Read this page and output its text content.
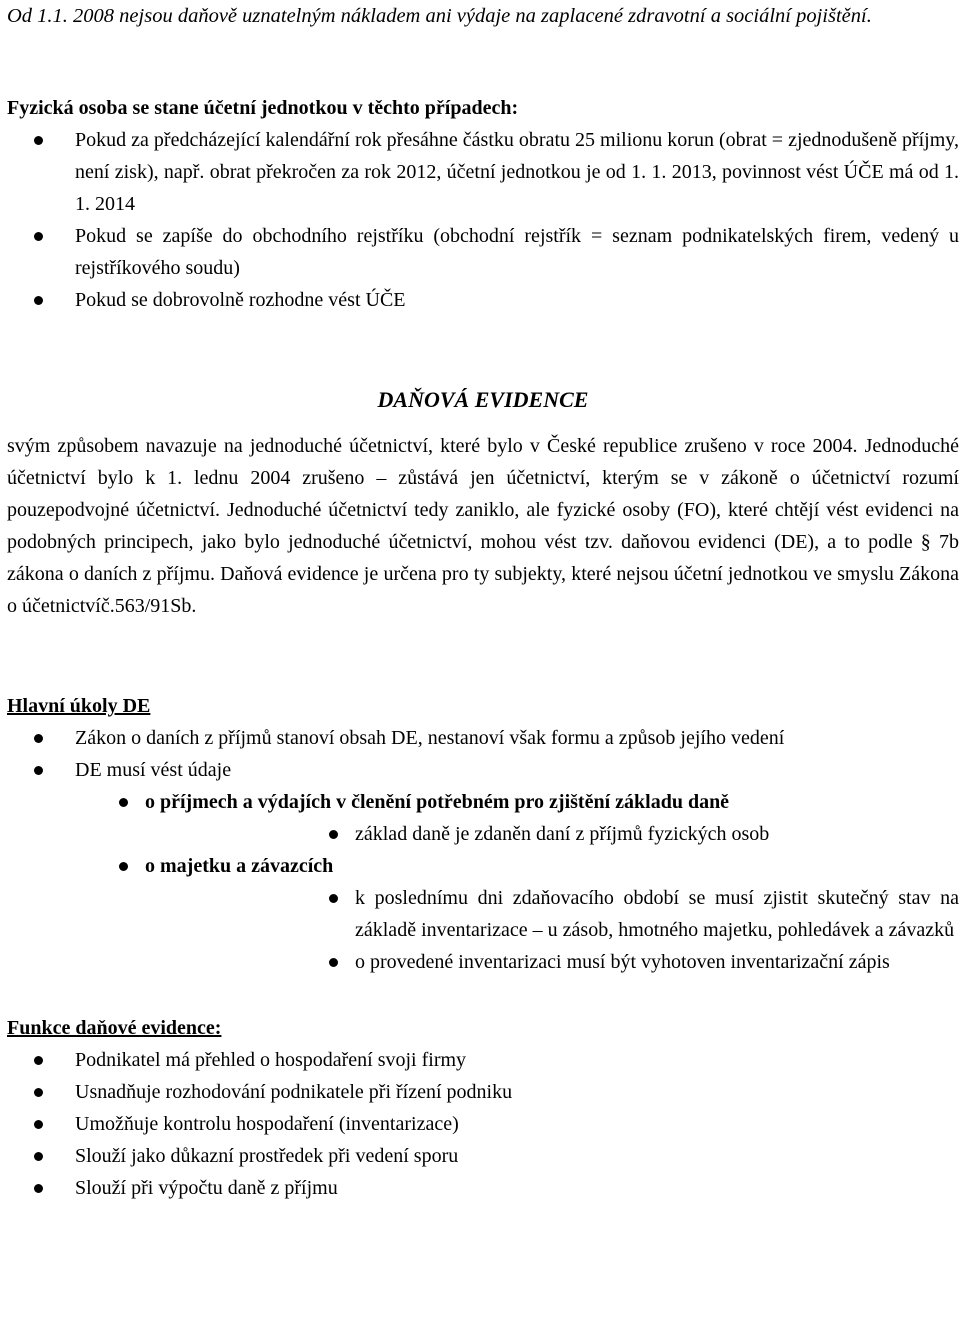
Od 1.1. 2008 nejsou daňově uznatelným nákladem ani výdaje na zaplacené zdravotní a sociální pojištění.

Fyzická osoba se stane účetní jednotkou v těchto případech:

Pokud za předcházející kalendářní rok přesáhne částku obratu 25 milionu korun (obrat = zjednodušeně příjmy, není zisk), např. obrat překročen za rok 2012, účetní jednotkou je od 1. 1. 2013, povinnost vést ÚČE má od 1. 1. 2014
Pokud se zapíše do obchodního rejstříku (obchodní rejstřík = seznam podnikatelských firem, vedený u rejstříkového soudu)
Pokud se dobrovolně rozhodne vést ÚČE

DAŇOVÁ EVIDENCE

svým způsobem navazuje na jednoduché účetnictví, které bylo v České republice zrušeno v roce 2004. Jednoduché účetnictví bylo k 1. lednu 2004 zrušeno – zůstává jen účetnictví, kterým se v zákoně o účetnictví rozumí pouzepodvojné účetnictví. Jednoduché účetnictví tedy zaniklo, ale fyzické osoby (FO), které chtějí vést evidenci na podobných principech, jako bylo jednoduché účetnictví, mohou vést tzv. daňovou evidenci (DE), a to podle § 7b zákona o daních z příjmu. Daňová evidence je určena pro ty subjekty, které nejsou účetní jednotkou ve smyslu Zákona o účetnictvíč.563/91Sb.

Hlavní úkoly DE

Zákon o daních z příjmů stanoví obsah DE, nestanoví však formu a způsob jejího vedení
DE musí vést údaje
o příjmech a výdajích v členění potřebném pro zjištění základu daně
základ daně je zdaněn daní z příjmů fyzických osob
o majetku a závazcích
k poslednímu dni zdaňovacího období se musí zjistit skutečný stav na základě inventarizace – u zásob, hmotného majetku, pohledávek a závazků
o provedené inventarizaci musí být vyhotoven inventarizační zápis

Funkce daňové evidence:

Podnikatel má přehled o hospodaření svoji firmy
Usnadňuje rozhodování podnikatele při řízení podniku
Umožňuje kontrolu hospodaření (inventarizace)
Slouží jako důkazní prostředek při vedení sporu
Slouží při výpočtu daně z příjmu
